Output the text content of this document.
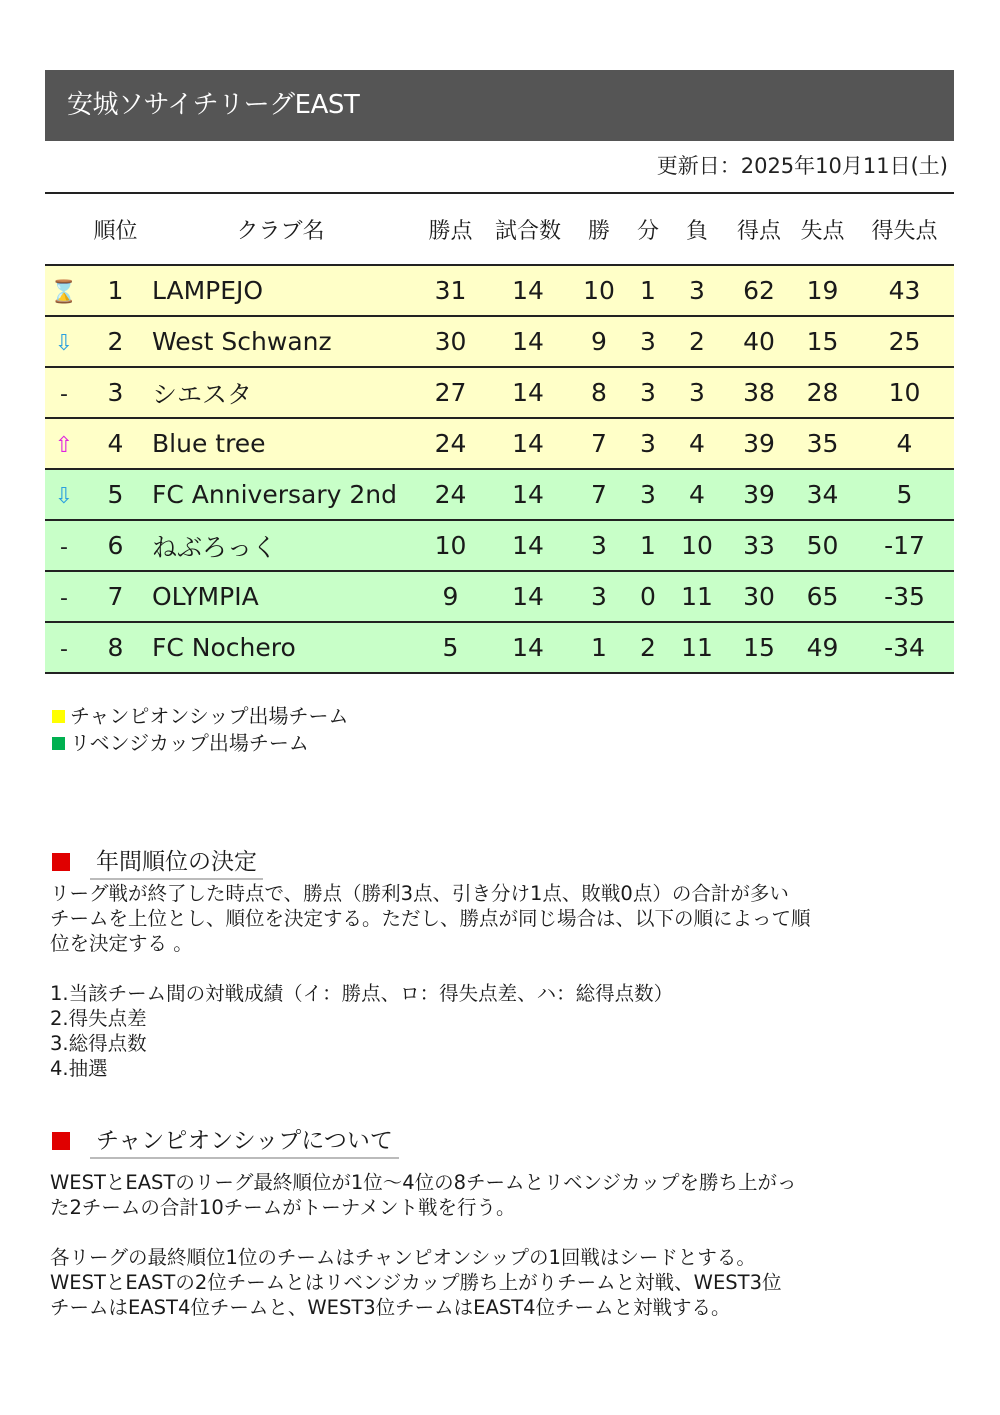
安城ソサイチリーグEAST
更新日：2025年10月11日(土)
	順位	クラブ名	勝点	試合数	勝	分	負	得点	失点	得失点
⌛	1	LAMPEJO	31	14	10	1	3	62	19	43
⇩	2	West Schwanz	30	14	9	3	2	40	15	25
-	3	シエスタ	27	14	8	3	3	38	28	10
⇧	4	Blue tree	24	14	7	3	4	39	35	4
⇩	5	FC Anniversary 2nd	24	14	7	3	4	39	34	5
-	6	ねぶろっく	10	14	3	1	10	33	50	-17
-	7	OLYMPIA	9	14	3	0	11	30	65	-35
-	8	FC Nochero	5	14	1	2	11	15	49	-34
チャンピオンシップ出場チーム
リベンジカップ出場チーム
年間順位の決定

リーグ戦が終了した時点で、勝点（勝利3点、引き分け1点、敗戦0点）の合計が多い

チームを上位とし、順位を決定する。ただし、勝点が同じ場合は、以下の順によって順

位を決定する 。

1.当該チーム間の対戦成績（イ：勝点、ロ：得失点差、ハ：総得点数）

2.得失点差

3.総得点数

4.抽選

チャンピオンシップについて

WESTとEASTのリーグ最終順位が1位～4位の8チームとリベンジカップを勝ち上がっ

た2チームの合計10チームがトーナメント戦を行う。

各リーグの最終順位1位のチームはチャンピオンシップの1回戦はシードとする。

WESTとEASTの2位チームとはリベンジカップ勝ち上がりチームと対戦、WEST3位

チームはEAST4位チームと、WEST3位チームはEAST4位チームと対戦する。
